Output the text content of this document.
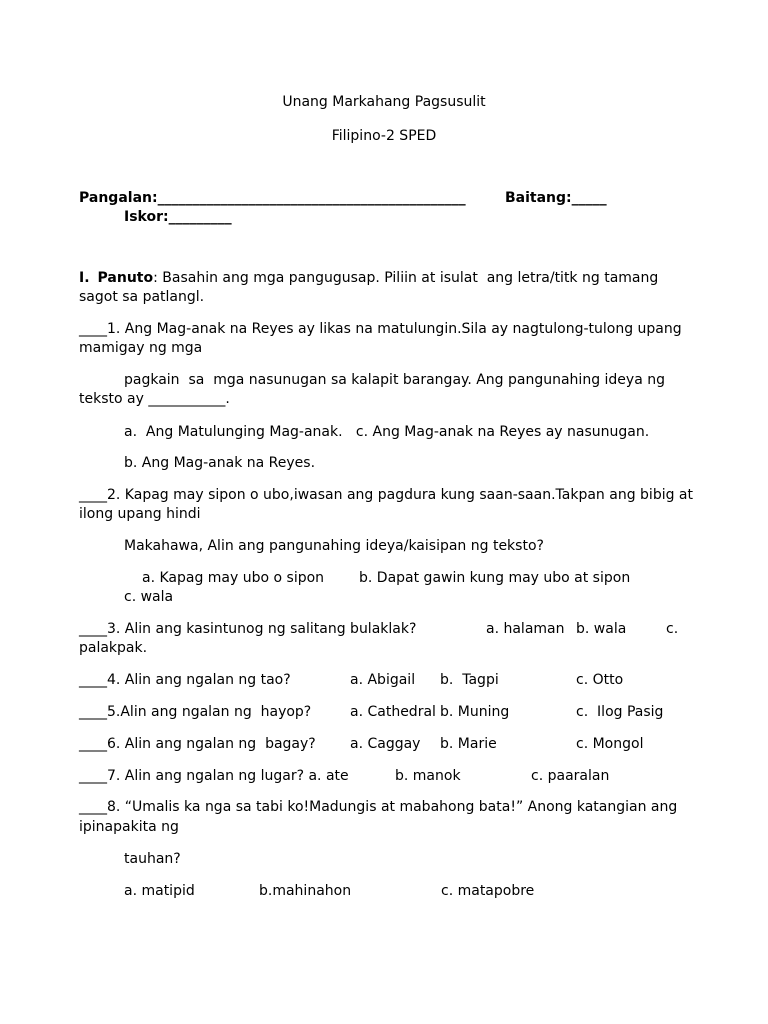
Unang Markahang Pagsusulit
Filipino-2 SPED
Pangalan:____________________________________________	Baitang:_____
Iskor:_________
I. Panuto: Basahin ang mga pangugusap. Piliin at isulat  ang letra/titk ng tamang
sagot sa patlangl.
____1. Ang Mag-anak na Reyes ay likas na matulungin.Sila ay nagtulong-tulong upang
mamigay ng mga
pagkain  sa  mga nasunugan sa kalapit barangay. Ang pangunahing ideya ng
teksto ay ___________.
a.  Ang Matulunging Mag-anak.   c. Ang Mag-anak na Reyes ay nasunugan.
b. Ang Mag-anak na Reyes.
____2. Kapag may sipon o ubo,iwasan ang pagdura kung saan-saan.Takpan ang bibig at
ilong upang hindi
Makahawa, Alin ang pangunahing ideya/kaisipan ng teksto?
a. Kapag may ubo o sipon b. Dapat gawin kung may ubo at sipon
c. wala
____3. Alin ang kasintunog ng salitang bulaklak?	a. halaman b. wala	c.
palakpak.
____4. Alin ang ngalan ng tao?	a. Abigail b.  Tagpi	c. Otto
____5.Alin ang ngalan ng  hayop?	a. Cathedral b. Muning	c.  Ilog Pasig
____6. Alin ang ngalan ng  bagay? a. Caggay b. Marie	c. Mongol
____7. Alin ang ngalan ng lugar? a. ate	b. manok	c. paaralan
____8. “Umalis ka nga sa tabi ko!Madungis at mabahong bata!” Anong katangian ang
ipinapakita ng
tauhan?
a. matipid	b.mahinahon	c. matapobre
